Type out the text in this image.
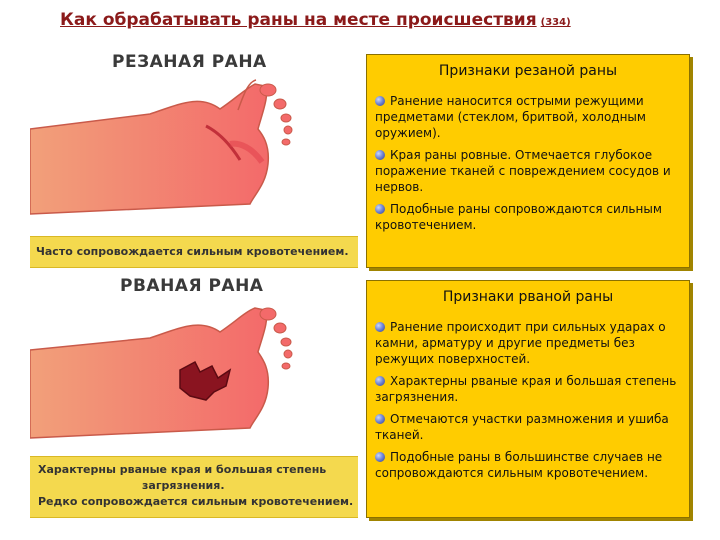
Как обрабатывать раны на месте происшествия (334)
РЕЗАНАЯ РАНА
Часто сопровождается сильным кровотечением.
РВАНАЯ РАНА
Характерны рваные края и большая степень
загрязнения.
Редко сопровождается сильным кровотечением.
Признаки резаной раны
Ранение наносится острыми режущими предметами (стеклом, бритвой, холодным оружием).
Края раны ровные. Отмечается глубокое поражение тканей с повреждением сосудов и нервов.
Подобные раны сопровождаются сильным кровотечением.
Признаки рваной раны
Ранение происходит при сильных ударах о камни, арматуру и другие предметы без режущих поверхностей.
Характерны рваные края и большая степень загрязнения.
Отмечаются участки размножения и ушиба тканей.
Подобные раны в большинстве случаев не сопровождаются сильным кровотечением.
